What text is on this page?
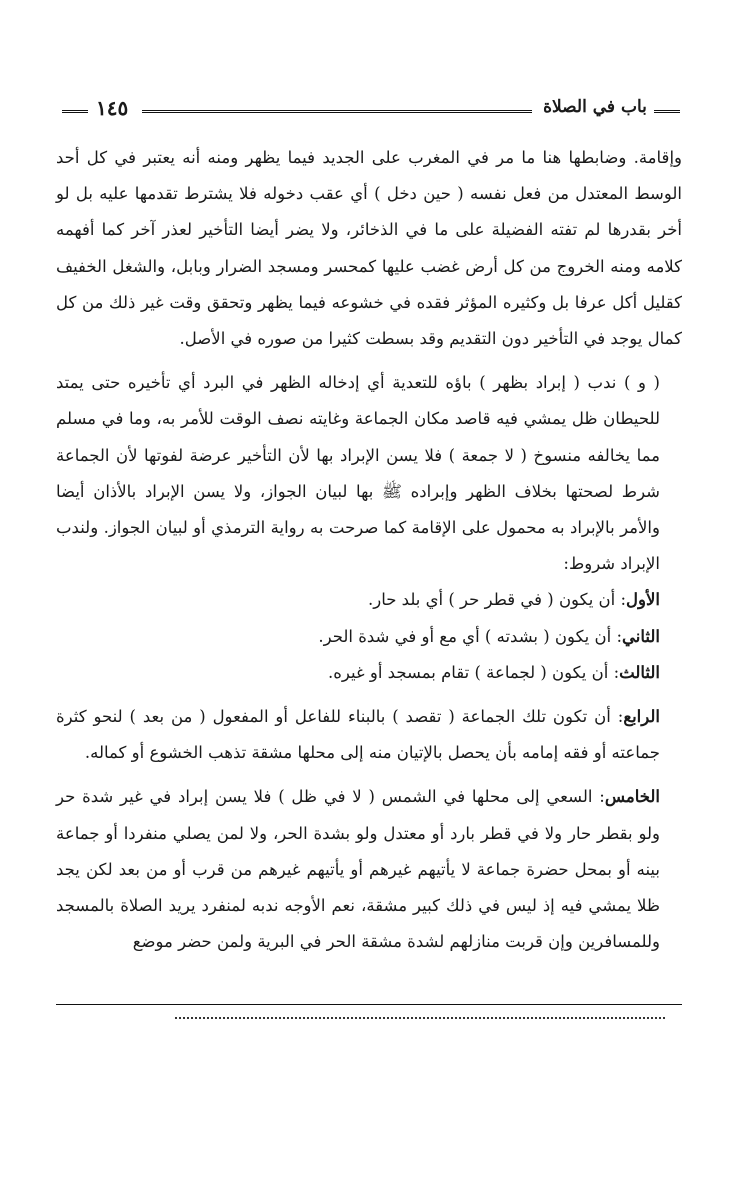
١٤٥	باب في الصلاة

وإقامة. وضابطها هنا ما مر في المغرب على الجديد فيما يظهر ومنه أنه يعتبر في كل أحد الوسط المعتدل من فعل نفسه ( حين دخل ) أي عقب دخوله فلا يشترط تقدمها عليه بل لو أخر بقدرها لم تفته الفضيلة على ما في الذخائر، ولا يضر أيضا التأخير لعذر آخر كما أفهمه كلامه ومنه الخروج من كل أرض غضب عليها كمحسر ومسجد الضرار وبابل، والشغل الخفيف كقليل أكل عرفا بل وكثيره المؤثر فقده في خشوعه فيما يظهر وتحقق وقت غير ذلك من كل كمال يوجد في التأخير دون التقديم وقد بسطت كثيرا من صوره في الأصل.

( و ) ندب ( إبراد بظهر ) باؤه للتعدية أي إدخاله الظهر في البرد أي تأخيره حتى يمتد للحيطان ظل يمشي فيه قاصد مكان الجماعة وغايته نصف الوقت للأمر به، وما في مسلم مما يخالفه منسوخ ( لا جمعة ) فلا يسن الإبراد بها لأن التأخير عرضة لفوتها لأن الجماعة شرط لصحتها بخلاف الظهر وإبراده ﷺ بها لبيان الجواز، ولا يسن الإبراد بالأذان أيضا والأمر بالإبراد به محمول على الإقامة كما صرحت به رواية الترمذي أو لبيان الجواز. ولندب الإبراد شروط:

الأول: أن يكون ( في قطر حر ) أي بلد حار.

الثاني: أن يكون ( بشدته ) أي مع أو في شدة الحر.

الثالث: أن يكون ( لجماعة ) تقام بمسجد أو غيره.

الرابع: أن تكون تلك الجماعة ( تقصد ) بالبناء للفاعل أو المفعول ( من بعد ) لنحو كثرة جماعته أو فقه إمامه بأن يحصل بالإتيان منه إلى محلها مشقة تذهب الخشوع أو كماله.

الخامس: السعي إلى محلها في الشمس ( لا في ظل ) فلا يسن إبراد في غير شدة حر ولو بقطر حار ولا في قطر بارد أو معتدل ولو بشدة الحر، ولا لمن يصلي منفردا أو جماعة بينه أو بمحل حضرة جماعة لا يأتيهم غيرهم أو يأتيهم غيرهم من قرب أو من بعد لكن يجد ظلا يمشي فيه إذ ليس في ذلك كبير مشقة، نعم الأوجه ندبه لمنفرد يريد الصلاة بالمسجد وللمسافرين وإن قربت منازلهم لشدة مشقة الحر في البرية ولمن حضر موضع
